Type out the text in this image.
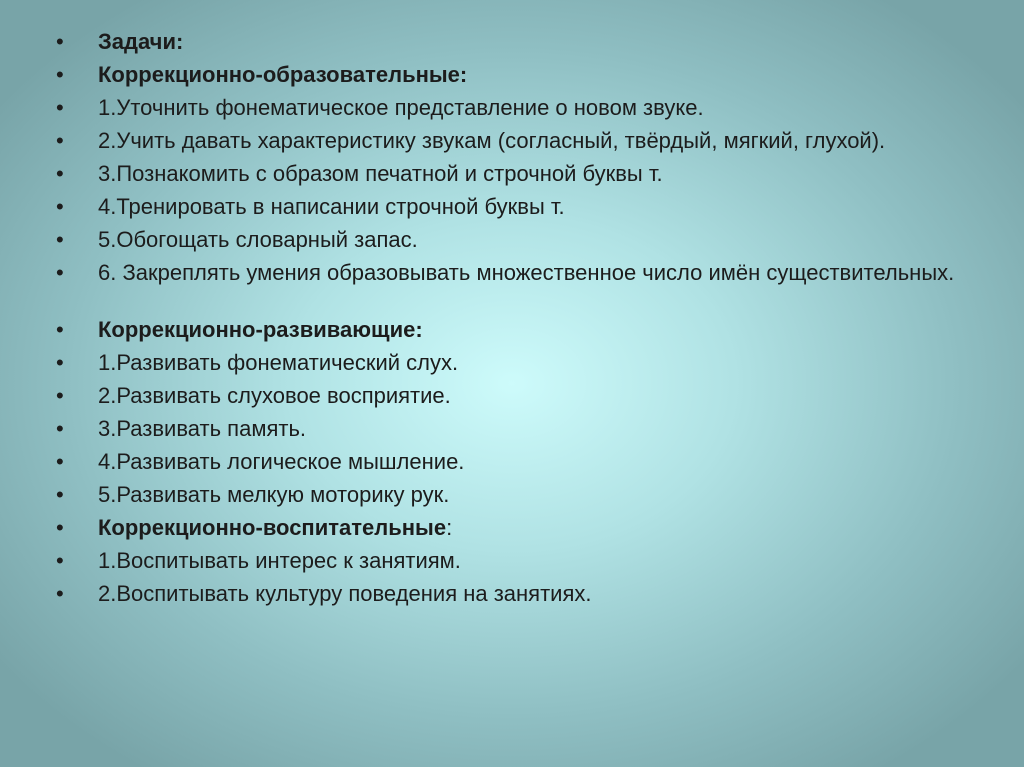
• Задачи:
• Коррекционно-образовательные:
• 1.Уточнить фонематическое представление о новом звуке.
• 2.Учить давать характеристику звукам (согласный, твёрдый, мягкий, глухой).
• 3.Познакомить с образом печатной и строчной буквы т.
• 4.Тренировать в написании строчной буквы т.
• 5.Обогощать словарный запас.
• 6. Закреплять умения образовывать множественное число имён существительных.
• Коррекционно-развивающие:
• 1.Развивать фонематический слух.
• 2.Развивать слуховое восприятие.
• 3.Развивать память.
• 4.Развивать логическое мышление.
• 5.Развивать мелкую моторику рук.
• Коррекционно-воспитательные:
• 1.Воспитывать интерес к занятиям.
• 2.Воспитывать культуру поведения на занятиях.
